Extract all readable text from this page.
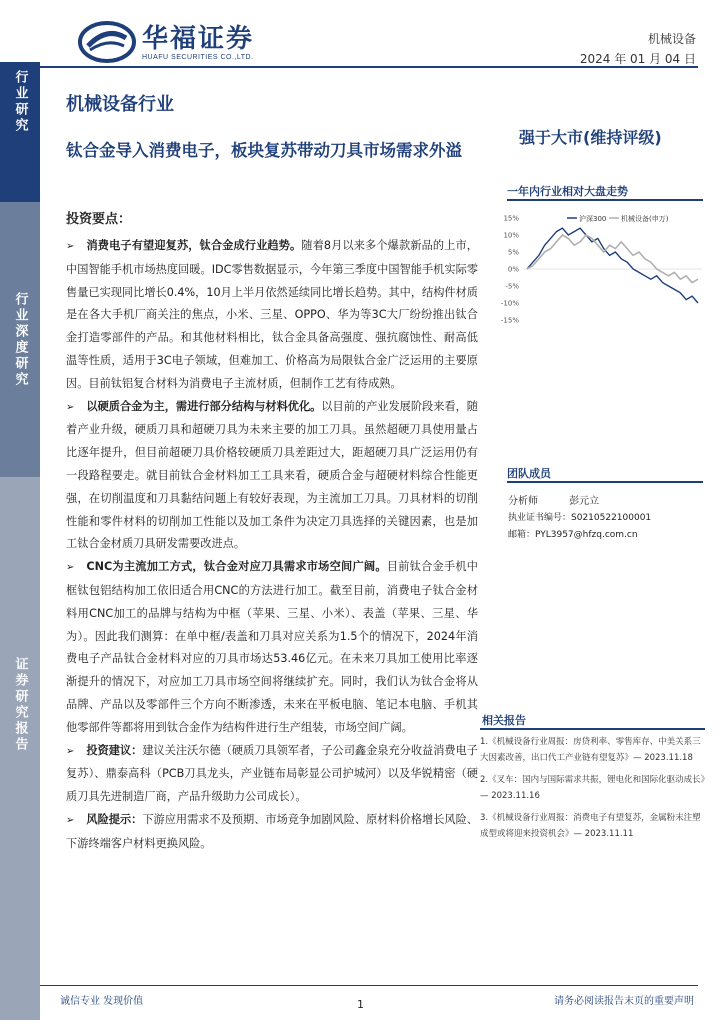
行业研究
行业深度研究
证券研究报告
华福证券
HUAFU SECURITIES CO.,LTD.
机械设备
2024 年 01 月 04 日
机械设备行业
钛合金导入消费电子，板块复苏带动刀具市场需求外溢
强于大市(维持评级)
投资要点：
➢ 消费电子有望迎复苏，钛合金成行业趋势。随着8月以来多个爆款新品的上市，中国智能手机市场热度回暖。IDC零售数据显示，今年第三季度中国智能手机实际零售量已实现同比增长0.4%，10月上半月依然延续同比增长趋势。其中，结构件材质是在各大手机厂商关注的焦点，小米、三星、OPPO、华为等3C大厂纷纷推出钛合金打造零部件的产品。和其他材料相比，钛合金具备高强度、强抗腐蚀性、耐高低温等性质，适用于3C电子领域，但难加工、价格高为局限钛合金广泛运用的主要原因。目前钛铝复合材料为消费电子主流材质，但制作工艺有待成熟。
➢ 以硬质合金为主，需进行部分结构与材料优化。以目前的产业发展阶段来看，随着产业升级，硬质刀具和超硬刀具为未来主要的加工刀具。虽然超硬刀具使用量占比逐年提升，但目前超硬刀具价格较硬质刀具差距过大，距超硬刀具广泛运用仍有一段路程要走。就目前钛合金材料加工工具来看，硬质合金与超硬材料综合性能更强，在切削温度和刀具黏结问题上有较好表现，为主流加工刀具。刀具材料的切削性能和零件材料的切削加工性能以及加工条件为决定刀具选择的关键因素，也是加工钛合金材质刀具研发需要改进点。
➢ CNC为主流加工方式，钛合金对应刀具需求市场空间广阔。目前钛合金手机中框钛包铝结构加工依旧适合用CNC的方法进行加工。截至目前，消费电子钛合金材料用CNC加工的品牌与结构为中框（苹果、三星、小米）、表盖（苹果、三星、华为）。因此我们测算：在单中框/表盖和刀具对应关系为1.5个的情况下，2024年消费电子产品钛合金材料对应的刀具市场达53.46亿元。在未来刀具加工使用比率逐渐提升的情况下，对应加工刀具市场空间将继续扩充。同时，我们认为钛合金将从品牌、产品以及零部件三个方向不断渗透，未来在平板电脑、笔记本电脑、手机其他零部件等都将用到钛合金作为结构件进行生产组装，市场空间广阔。
➢ 投资建议：建议关注沃尔德（硬质刀具领军者，子公司鑫金泉充分收益消费电子复苏）、鼎泰高科（PCB刀具龙头，产业链布局彰显公司护城河）以及华锐精密（硬质刀具先进制造厂商，产品升级助力公司成长）。
➢ 风险提示：下游应用需求不及预期、市场竞争加剧风险、原材料价格增长风险、下游终端客户材料更换风险。
一年内行业相对大盘走势
15%
10%
5%
0%
-5%
-10%
-15%
沪深300 机械设备(申万)
团队成员
分析师	彭元立
执业证书编号：S0210522100001
邮箱：PYL3957@hfzq.com.cn
相关报告
1.《机械设备行业周报：房贷利率、零售库存、中美关系三大因素改善，出口代工产业链有望复苏》— 2023.11.18
2.《叉车：国内与国际需求共振，锂电化和国际化驱动成长》— 2023.11.16
3.《机械设备行业周报：消费电子有望复苏，金属粉末注塑成型或将迎来投资机会》— 2023.11.11
诚信专业 发现价值	1	请务必阅读报告末页的重要声明
